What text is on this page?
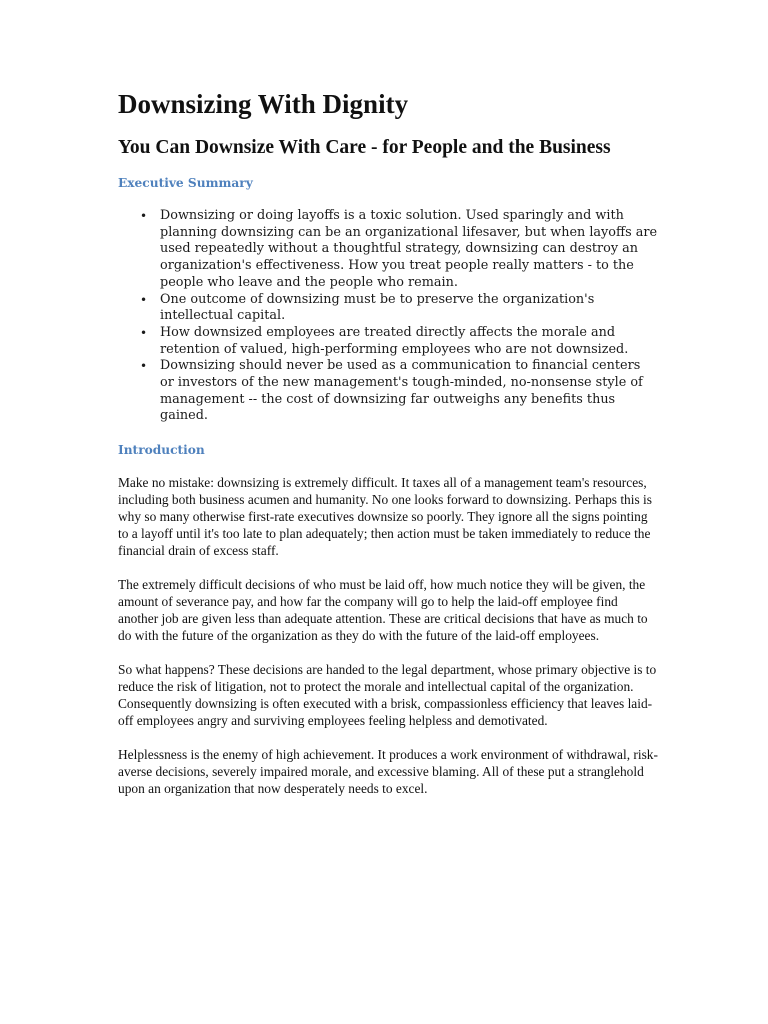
Downsizing With Dignity
You Can Downsize With Care - for People and the Business
Executive Summary
• Downsizing or doing layoffs is a toxic solution. Used sparingly and with planning downsizing can be an organizational lifesaver, but when layoffs are used repeatedly without a thoughtful strategy, downsizing can destroy an organization's effectiveness. How you treat people really matters - to the people who leave and the people who remain.
• One outcome of downsizing must be to preserve the organization's intellectual capital.
• How downsized employees are treated directly affects the morale and retention of valued, high-performing employees who are not downsized.
• Downsizing should never be used as a communication to financial centers or investors of the new management's tough-minded, no-nonsense style of management -- the cost of downsizing far outweighs any benefits thus gained.
Introduction

Make no mistake: downsizing is extremely difficult. It taxes all of a management team's resources, including both business acumen and humanity. No one looks forward to downsizing. Perhaps this is why so many otherwise first-rate executives downsize so poorly. They ignore all the signs pointing to a layoff until it's too late to plan adequately; then action must be taken immediately to reduce the financial drain of excess staff.

The extremely difficult decisions of who must be laid off, how much notice they will be given, the amount of severance pay, and how far the company will go to help the laid-off employee find another job are given less than adequate attention. These are critical decisions that have as much to do with the future of the organization as they do with the future of the laid-off employees.

So what happens? These decisions are handed to the legal department, whose primary objective is to reduce the risk of litigation, not to protect the morale and intellectual capital of the organization. Consequently downsizing is often executed with a brisk, compassionless efficiency that leaves laid-off employees angry and surviving employees feeling helpless and demotivated.

Helplessness is the enemy of high achievement. It produces a work environment of withdrawal, risk-averse decisions, severely impaired morale, and excessive blaming. All of these put a stranglehold upon an organization that now desperately needs to excel.
